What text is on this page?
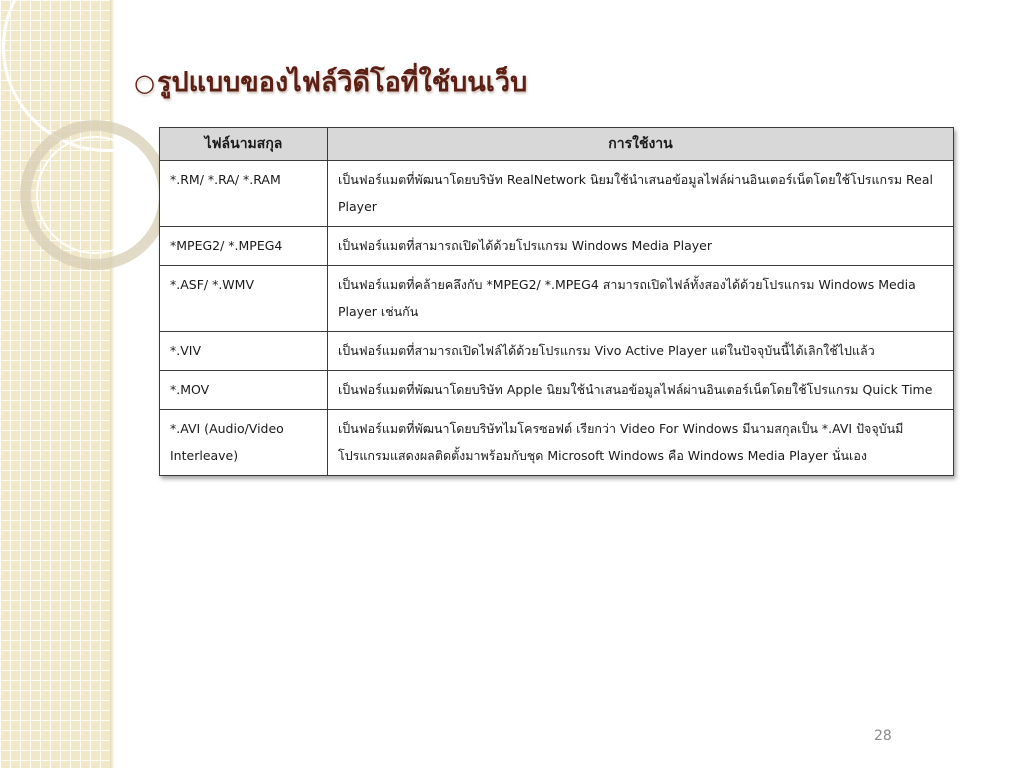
○รูปแบบของไฟล์วิดีโอที่ใช้บนเว็บ
ไฟล์นามสกุล	การใช้งาน
*.RM/ *.RA/ *.RAM	เป็นฟอร์แมตที่พัฒนาโดยบริษัท RealNetwork นิยมใช้นำเสนอข้อมูลไฟล์ผ่านอินเตอร์เน็ตโดยใช้โปรแกรม Real Player
*MPEG2/ *.MPEG4	เป็นฟอร์แมตที่สามารถเปิดได้ด้วยโปรแกรม Windows Media Player
*.ASF/ *.WMV	เป็นฟอร์แมตที่คล้ายคลึงกับ *MPEG2/ *.MPEG4 สามารถเปิดไฟล์ทั้งสองได้ด้วยโปรแกรม Windows Media Player เช่นกัน
*.VIV	เป็นฟอร์แมตที่สามารถเปิดไฟล์ได้ด้วยโปรแกรม Vivo Active Player แต่ในปัจจุบันนี้ได้เลิกใช้ไปแล้ว
*.MOV	เป็นฟอร์แมตที่พัฒนาโดยบริษัท Apple นิยมใช้นำเสนอข้อมูลไฟล์ผ่านอินเตอร์เน็ตโดยใช้โปรแกรม Quick Time
*.AVI (Audio/Video Interleave)	เป็นฟอร์แมตที่พัฒนาโดยบริษัทไมโครซอฟต์ เรียกว่า Video For Windows มีนามสกุลเป็น *.AVI ปัจจุบันมีโปรแกรมแสดงผลติดตั้งมาพร้อมกับชุด Microsoft Windows คือ Windows Media Player นั่นเอง
28
